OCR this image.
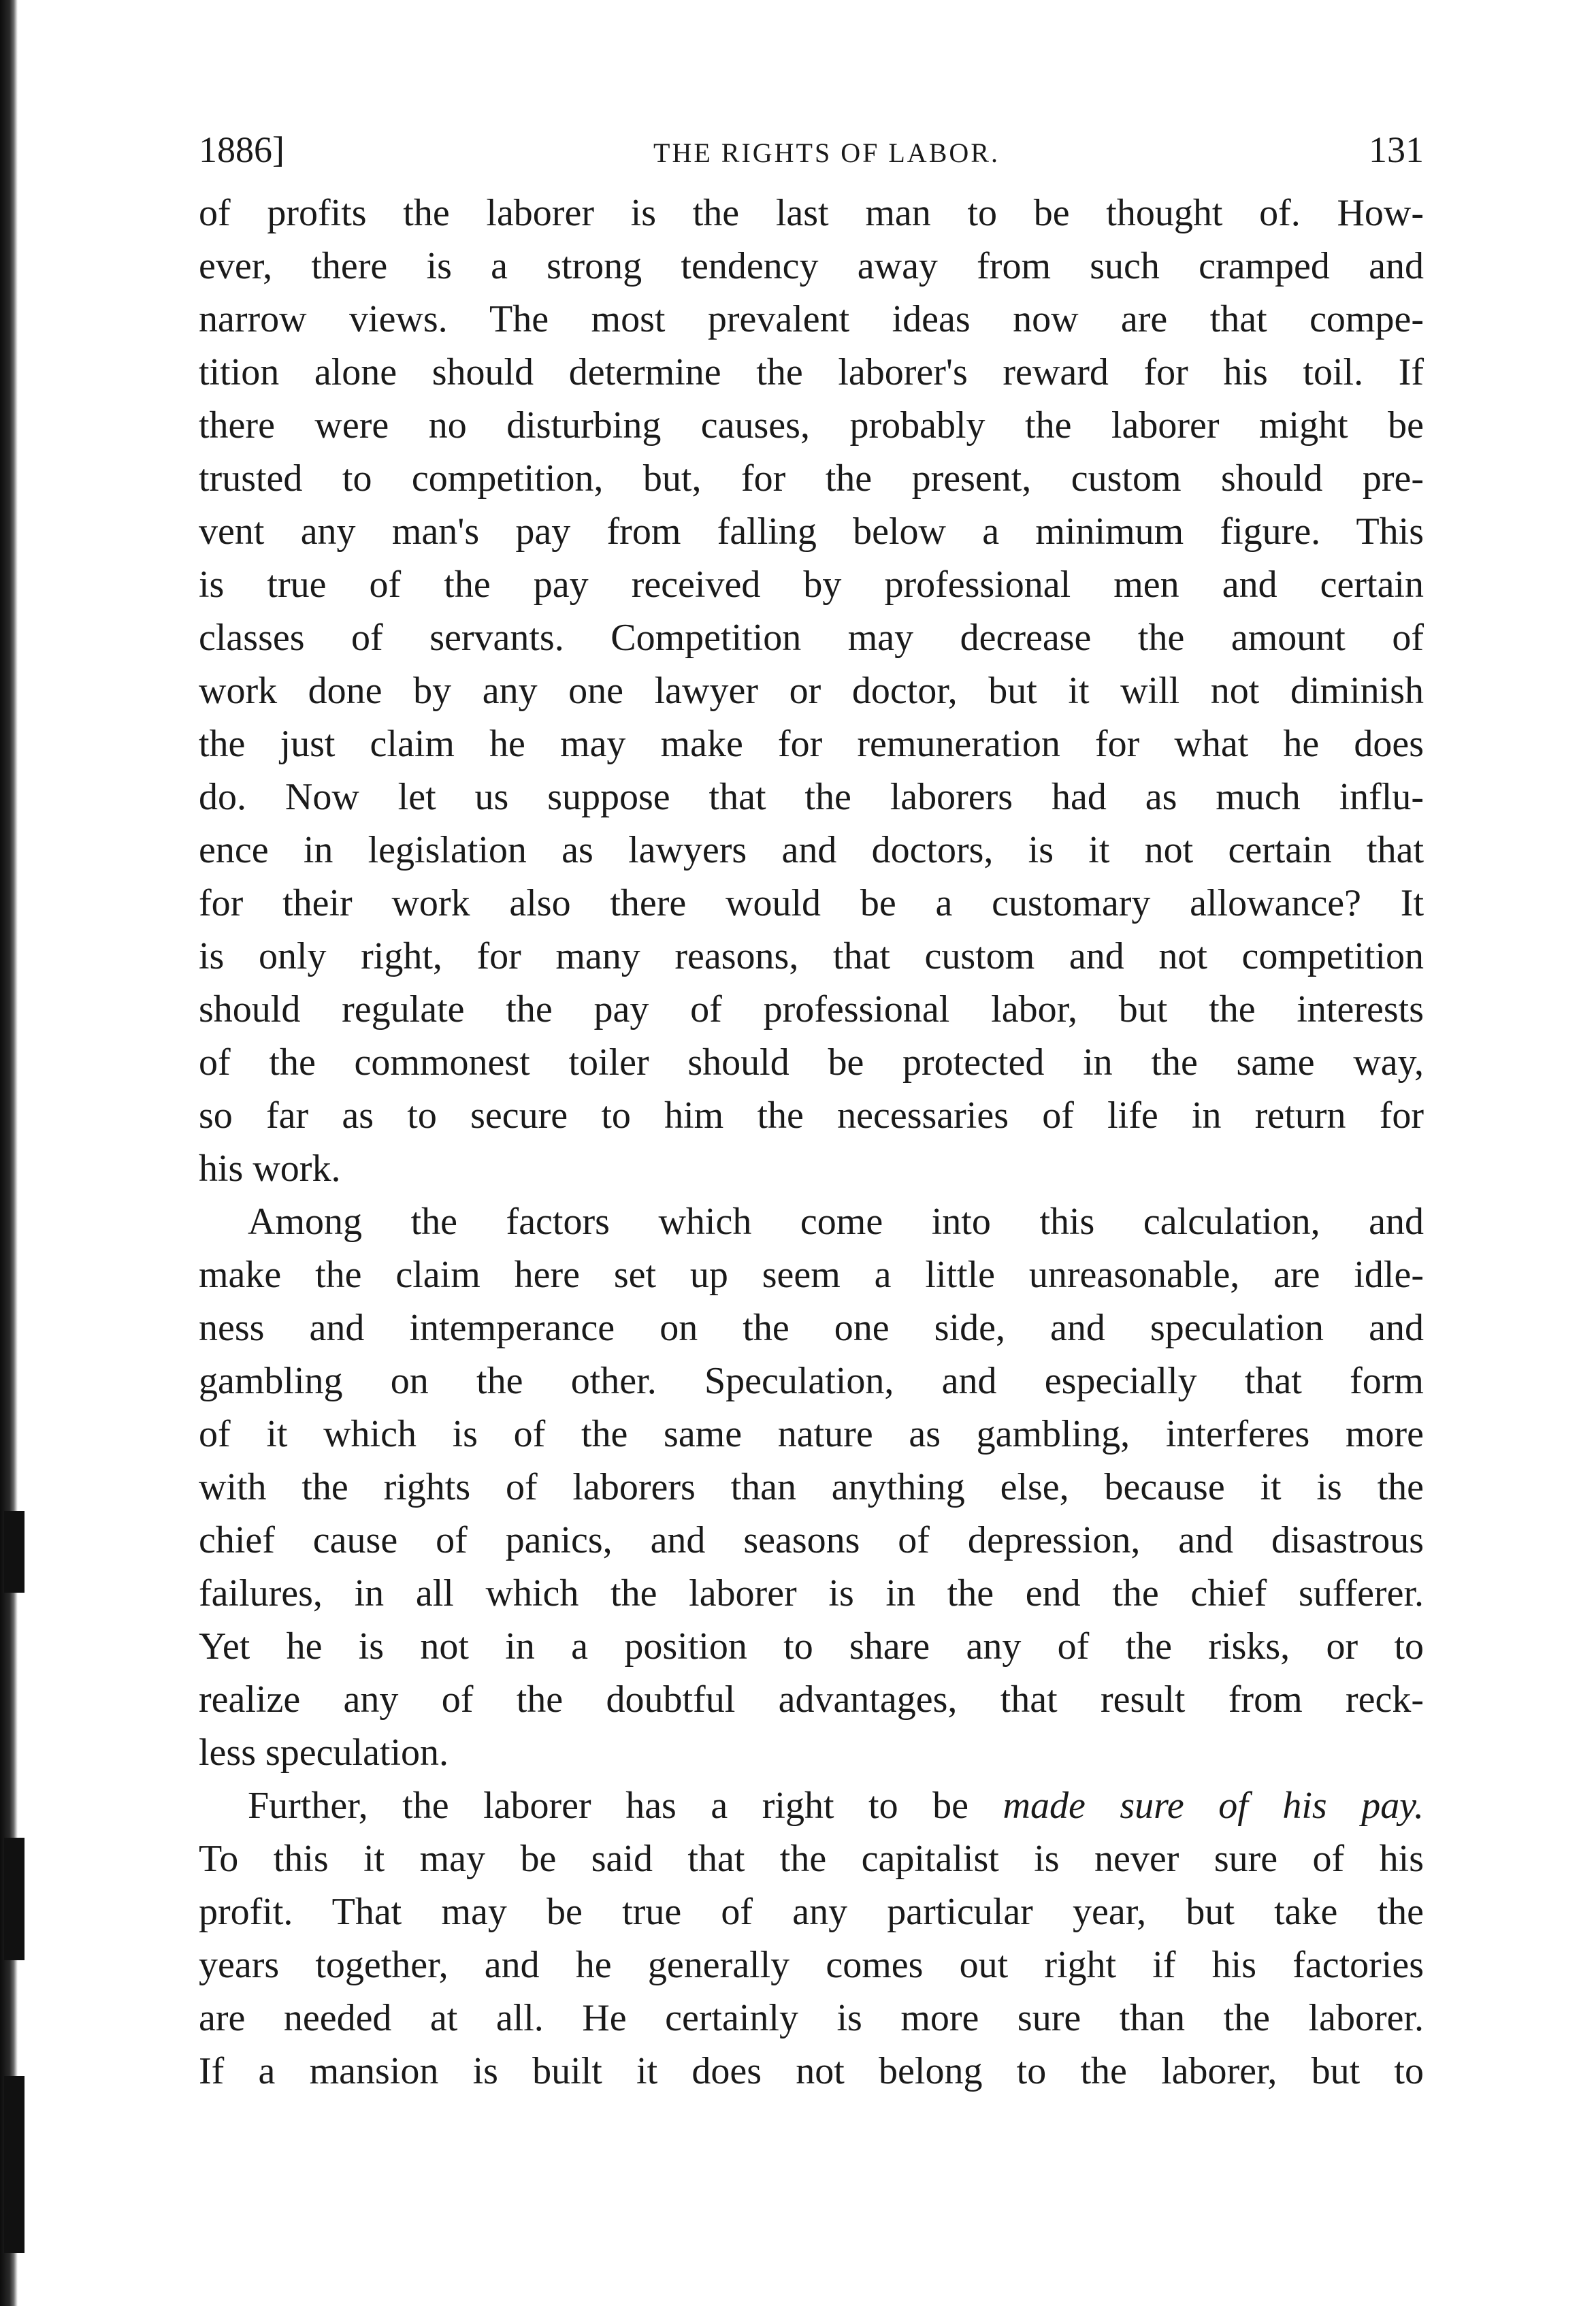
1886]	THE RIGHTS OF LABOR.	131
of profits the laborer is the last man to be thought of. How-
ever, there is a strong tendency away from such cramped and
narrow views. The most prevalent ideas now are that compe-
tition alone should determine the laborer's reward for his toil. If
there were no disturbing causes, probably the laborer might be
trusted to competition, but, for the present, custom should pre-
vent any man's pay from falling below a minimum figure. This
is true of the pay received by professional men and certain
classes of servants. Competition may decrease the amount of
work done by any one lawyer or doctor, but it will not diminish
the just claim he may make for remuneration for what he does
do. Now let us suppose that the laborers had as much influ-
ence in legislation as lawyers and doctors, is it not certain that
for their work also there would be a customary allowance? It
is only right, for many reasons, that custom and not competition
should regulate the pay of professional labor, but the interests
of the commonest toiler should be protected in the same way,
so far as to secure to him the necessaries of life in return for
his work.
Among the factors which come into this calculation, and
make the claim here set up seem a little unreasonable, are idle-
ness and intemperance on the one side, and speculation and
gambling on the other. Speculation, and especially that form
of it which is of the same nature as gambling, interferes more
with the rights of laborers than anything else, because it is the
chief cause of panics, and seasons of depression, and disastrous
failures, in all which the laborer is in the end the chief sufferer.
Yet he is not in a position to share any of the risks, or to
realize any of the doubtful advantages, that result from reck-
less speculation.
Further, the laborer has a right to be made sure of his pay.
To this it may be said that the capitalist is never sure of his
profit. That may be true of any particular year, but take the
years together, and he generally comes out right if his factories
are needed at all. He certainly is more sure than the laborer.
If a mansion is built it does not belong to the laborer, but to
